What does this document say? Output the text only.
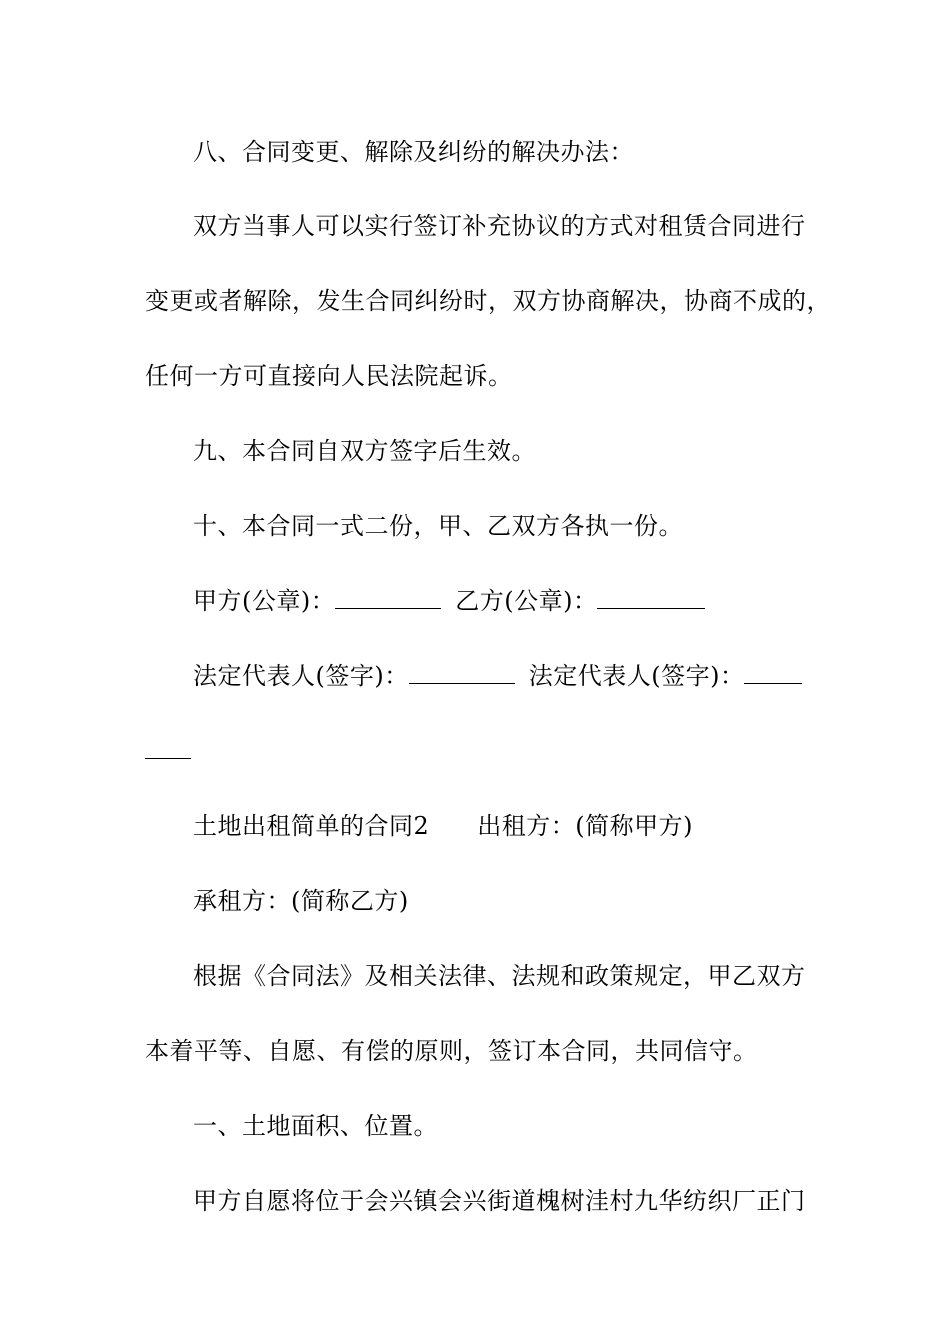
八、合同变更、解除及纠纷的解决办法：
双方当事人可以实行签订补充协议的方式对租赁合同进行
变更或者解除，发生合同纠纷时，双方协商解决，协商不成的，
任何一方可直接向人民法院起诉。
九、本合同自双方签字后生效。
十、本合同一式二份，甲、乙双方各执一份。
甲方(公章)：	乙方(公章)：
法定代表人(签字)：	法定代表人(签字)：
土地出租简单的合同2 出租方：(简称甲方)
承租方：(简称乙方)
根据《合同法》及相关法律、法规和政策规定，甲乙双方
本着平等、自愿、有偿的原则，签订本合同，共同信守。
一、土地面积、位置。
甲方自愿将位于会兴镇会兴街道槐树洼村九华纺织厂正门
